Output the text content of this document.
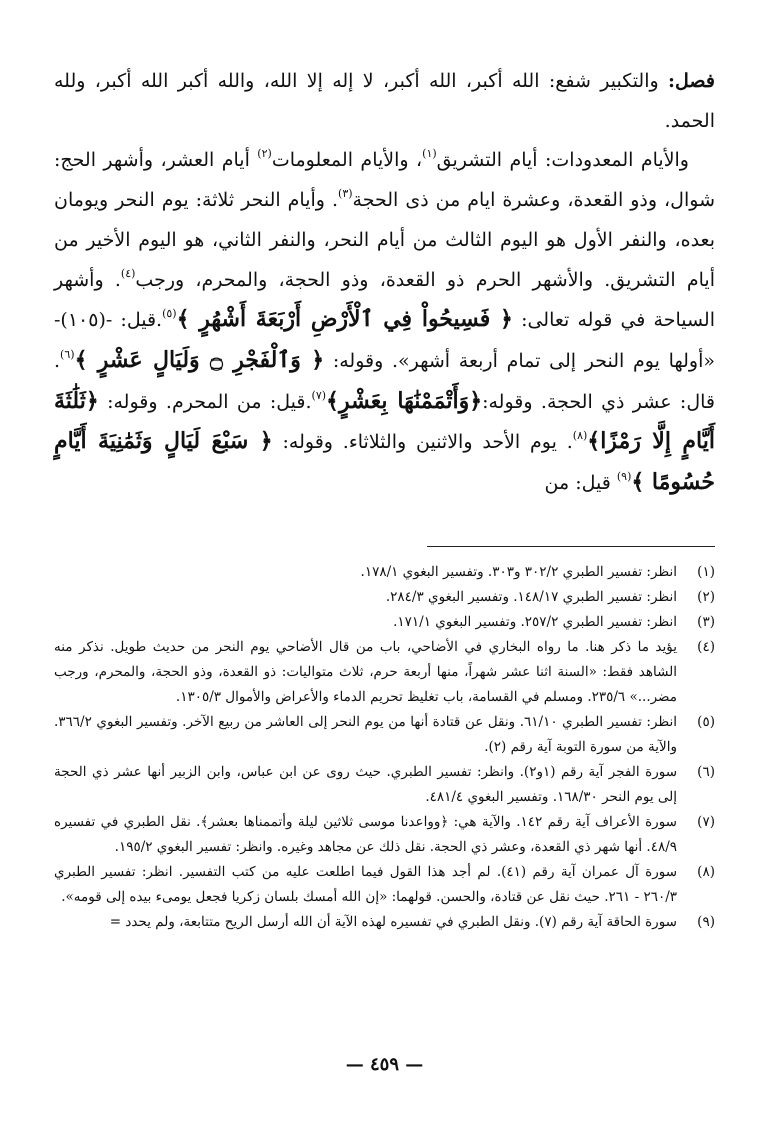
فصل: والتكبير شفع: الله أكبر، الله أكبر، لا إله إلا الله، والله أكبر الله أكبر، ولله الحمد.

والأيام المعدودات: أيام التشريق$^{(١)}$، والأيام المعلومات$^{(٢)}$ أيام العشر، وأشهر الحج: شوال، وذو القعدة، وعشرة ايام من ذى الحجة$^{(٣)}$. وأيام النحر ثلاثة: يوم النحر ويومان بعده، والنفر الأول هو اليوم الثالث من أيام النحر، والنفر الثاني، هو اليوم الأخير من أيام التشريق. والأشهر الحرم ذو القعدة، وذو الحجة، والمحرم، ورجب$^{(٤)}$. وأشهر السياحة في قوله تعالى: ﴿ فَسِيحُواْ فِي ٱلْأَرْضِ أَرْبَعَةَ أَشْهُرٍ ﴾$^{(٥)}$.قيل: -(١٠٥)- «أولها يوم النحر إلى تمام أربعة أشهر». وقوله: ﴿ وَٱلْفَجْرِ ۝ وَلَيَالٍ عَشْرٍ ﴾$^{(٦)}$. قال: عشر ذي الحجة. وقوله:﴿وَأَتْمَمْنَٰهَا بِعَشْرٍ﴾$^{(٧)}$.قيل: من المحرم. وقوله: ﴿ثَلَٰثَةَ أَيَّامٍ إِلَّا رَمْزًا﴾$^{(٨)}$. يوم الأحد والاثنين والثلاثاء. وقوله: ﴿ سَبْعَ لَيَالٍ وَثَمَٰنِيَةَ أَيَّامٍ حُسُومًا ﴾$^{(٩)}$ قيل: من

(١)
انظر: تفسير الطبري ٣٠٢/٢ و٣٠٣. وتفسير البغوي ١٧٨/١.
(٢)
انظر: تفسير الطبري ١٤٨/١٧. وتفسير البغوي ٢٨٤/٣.
(٣)
انظر: تفسير الطبري ٢٥٧/٢. وتفسير البغوي ١٧١/١.
(٤)
يؤيد ما ذكر هنا. ما رواه البخاري في الأضاحي، باب من قال الأضاحي يوم النحر من حديث طويل. نذكر منه الشاهد فقط: «السنة اثنا عشر شهراً، منها أربعة حرم، ثلاث متواليات: ذو القعدة، وذو الحجة، والمحرم، ورجب مضر...» ٢٣٥/٦. ومسلم في القسامة، باب تغليظ تحريم الدماء والأعراض والأموال ١٣٠٥/٣.
(٥)
انظر: تفسير الطبري ٦١/١٠. ونقل عن قتادة أنها من يوم النحر إلى العاشر من ربيع الآخر. وتفسير البغوي ٣٦٦/٢. والآية من سورة التوبة آية رقم (٢).
(٦)
سورة الفجر آية رقم (١و٢). وانظر: تفسير الطبري. حيث روى عن ابن عباس، وابن الزبير أنها عشر ذي الحجة إلى يوم النحر ١٦٨/٣٠. وتفسير البغوي ٤٨١/٤.
(٧)
سورة الأعراف آية رقم ١٤٢. والآية هي: ﴿وواعدنا موسى ثلاثين ليلة وأتممناها بعشر﴾. نقل الطبري في تفسيره ٤٨/٩. أنها شهر ذي القعدة، وعشر ذي الحجة. نقل ذلك عن مجاهد وغيره. وانظر: تفسير البغوي ١٩٥/٢.
(٨)
سورة آل عمران آية رقم (٤١). لم أجد هذا القول فيما اطلعت عليه من كتب التفسير. انظر: تفسير الطبري ٢٦٠/٣ - ٢٦١. حيث نقل عن قتادة، والحسن. قولهما: «إن الله أمسك بلسان زكريا فجعل يومىء بيده إلى قومه».
(٩)
سورة الحاقة آية رقم (٧). ونقل الطبري في تفسيره لهذه الآية أن الله أرسل الريح متتابعة، ولم يحدد =
— ٤٥٩ —
